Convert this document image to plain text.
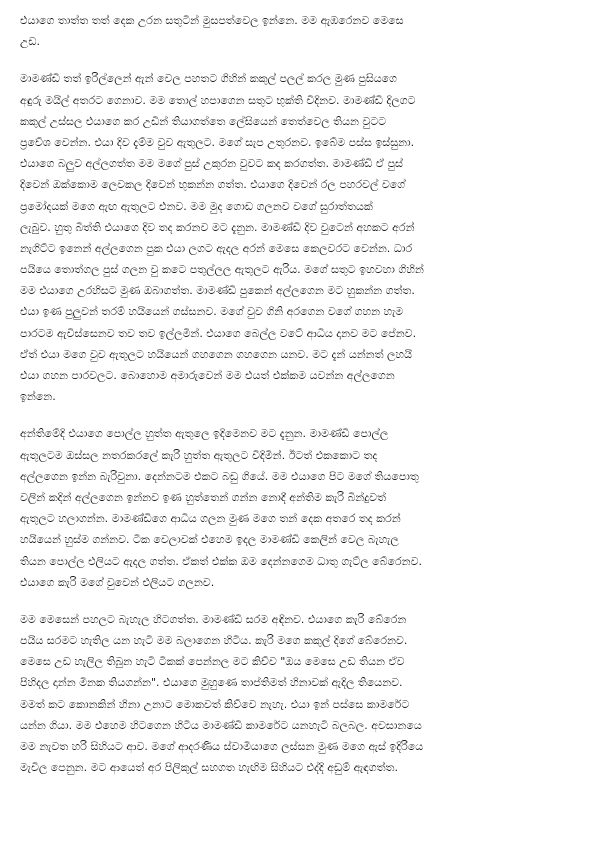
එයාගෙ තාත්ත තත් දෙක උරන සතුටින් මුසපත්වෙල ඉන්නෙ. මම ඇඹරෙනව මෙසෙ
උඩ.
මාමණ්ඩි තත් ඉරිල්ලෙන් ඇන් වෙල පහතට ගිහින් කකුල් පලල් කරල මුණ පුසියගෙ
අඳුරු මයිල් අතරට ගෙනාව. මම තොල් හපාගෙන සතුට භුක්ති විදිනව. මාමණ්ඩි දිලගට
කකුල් උස්සල එයාගෙ කර උඩින් තියාගත්තෙ ලේසියෙන් තෙත්වෙල තියන වුටට
ප්‍රවේශ වෙන්න. එයා දිව දැම්ම වුව ඇතුලට. මගේ සැප උතුරනව. ඉබේම පස්ස ඉස්සුනා.
එයාගෙ බලුව අල්ලගත්ත මම මගේ පුස් උකුරන වුවට කද කරගත්ත. මාමණ්ඩි ඒ පුස්
දිවෙන් ඔක්කොම ලෙවකල දිවෙන් භුකන්න ගත්ත. එයාගෙ දිවෙන් රල පහරවල් වගේ
ප්‍රමෝදයක් මගෙ ඇඟ ඇතුලට එනව. මම මුද ගොඩ ගලනව වගේ සුරාත්තයක්
ලැබුව. හුතු බිත්ති එයාගෙ දිව තද කරනව මට දැනුන. මාමණ්ඩි දිව වුටෙන් අහකට අරන්
නැගිට්ට ඉනෙන් අල්ලගෙන පුක එයා ලගට ඇදල අරන් මෙසෙ කෙලවරට වෙන්න. ධාර
පයියෙ තොත්ගල පුස් ගලන වු කටෙ පතුල්ලල ඇතුලට ඇරිය. මගේ සතුට ඉහවහා ගිහින්
මම එයාගෙ උරහිසට මුණ ඔබාගත්ත. මාමණ්ඩි පුකෙන් අල්ලගෙන මට හුකන්න ගත්ත.
එයා ඉණ පුලුවන් තරම් හයියෙන් ගස්සනව. මගේ වුව ගිනි අරගෙන වගේ ගහන හැම
පාරටම ඇවිස්සෙනව තව තව ඉල්ලමින්. එයාගෙ බෙල්ල වටේ ආධිය දානව මට පේනව.
ඒත් එයා මගෙ වුව ඇතුලට හයියෙන් ගහගෙන ගහගෙන යනව. මට දැන් යන්නත් ලහයි
එයා ගහන පාරවලට. බොහොම අමාරුවෙන් මම එයත් එක්කම යවන්න අල්ලගෙන
ඉන්නෙ.
අන්තිමේදි එයාගෙ පොල්ල හුත්ත ඇතුලෙ ඉදිමෙනව මට දැනුන. මාමණ්ඩි පොල්ල
ඇතුලටම ඔස්සල නතරකරලේ කැරි හුත්ත ඇතුලට විදිමින්. ඊටත් එකකොට තද
අල්ලගෙන ඉන්න බැරිවුනා. දෙන්නටම එකට බඩු ගියේ. මම එයාගෙ පිට මගේ තියපොතු
වලින් කදින් අල්ලගෙන ඉන්නව ඉණ හුත්තෙන් ගන්න නොදී අන්තිම කැරි බින්දුවත්
ඇතුලට හලාගන්න. මාමණ්ඩිගෙ ආධිය ගලන මුණ මගෙ තන් දෙක අතරෙ තද කරන්
හයියෙන් හුස්ම ගන්නව. ටික වෙලාවක් එහෙම ඉදල මාමණ්ඩි කෙලින් වෙල බැහැල
තියන පොල්ල එලියට ඇදල ගත්ත. ඒකත් එක්ක ඔම දෙන්නගෙම ධාතු ගැට්ල බේරෙනව.
එයාගෙ කැරි මගේ වුවෙන් එලියට ගලනව.
මම මෙසෙන් පහලට බැහැල හිටගත්ත. මාමණ්ඩි සරම අඳිනව. එයාගෙ කැරි බේරෙන
පයිය සරමට හැතිල යන හැටි මම බලාගෙන හිටිය. කැරි මගෙ කකුල් දිගේ බේරෙනව.
මෙසෙ උඩ හැලිල තිබුන හැටි ටිකක් පෙන්නල මට කිව්ව "ඔය මෙසෙ උඩ තියන ඒව
පිහිදල දාන්න මිනක තියගන්න". එයාගෙ මුහුණෙ තාප්තිමත් හිනාවක් ඇදිල තියෙනව.
මමත් කට කොනකින් හිනා උනාට මොකවත් කිව්වෙ නැහැ. එයා ඉන් පස්සෙ කාමරේට
යන්න ගියා. මම එහෙම හිටගෙන හිටිය මාමණ්ඩි කාමරේට යනහැටි බලබල. අවසානයෙ
මම නැවත හරි සිහියට ආව. මගේ ආදරණිය ස්වාමියාගෙ ලස්සන මුණ මගෙ ඇස් ඉදිරියෙ
මැවිල පෙනුන. මට ආයෙත් අර පිලිකුල් සහගත හැඟිම සිහියට එද්දි අඩුම් ඇඳගත්ත.
